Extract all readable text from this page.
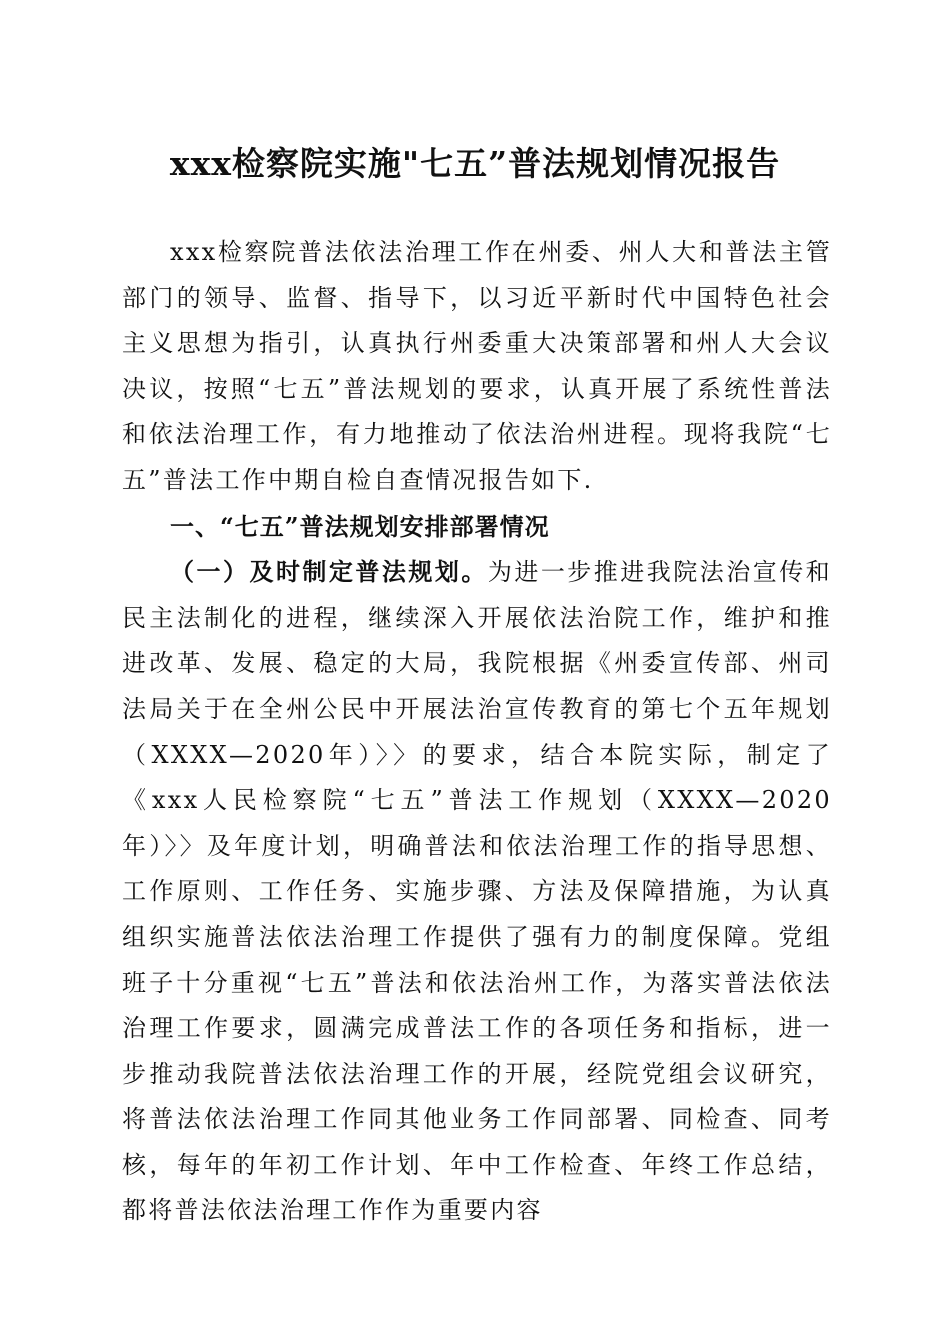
xxx检察院实施"七五”普法规划情况报告

xxx检察院普法依法治理工作在州委、州人大和普法主管部门的领导、监督、指导下，以习近平新时代中国特色社会主义思想为指引，认真执行州委重大决策部署和州人大会议决议，按照“七五”普法规划的要求，认真开展了系统性普法和依法治理工作，有力地推动了依法治州进程。现将我院“七五”普法工作中期自检自查情况报告如下.

一、“七五”普法规划安排部署情况

（一）及时制定普法规划。为进一步推进我院法治宣传和民主法制化的进程，继续深入开展依法治院工作，维护和推进改革、发展、稳定的大局，我院根据《州委宣传部、州司法局关于在全州公民中开展法治宣传教育的第七个五年规划（XXXX—2020年）〉〉的要求，结合本院实际，制定了《xxx人民检察院“七五”普法工作规划（XXXX—2020年）〉〉及年度计划，明确普法和依法治理工作的指导思想、工作原则、工作任务、实施步骤、方法及保障措施，为认真组织实施普法依法治理工作提供了强有力的制度保障。党组班子十分重视“七五”普法和依法治州工作，为落实普法依法治理工作要求，圆满完成普法工作的各项任务和指标，进一步推动我院普法依法治理工作的开展，经院党组会议研究，将普法依法治理工作同其他业务工作同部署、同检查、同考核，每年的年初工作计划、年中工作检查、年终工作总结，都将普法依法治理工作作为重要内容
